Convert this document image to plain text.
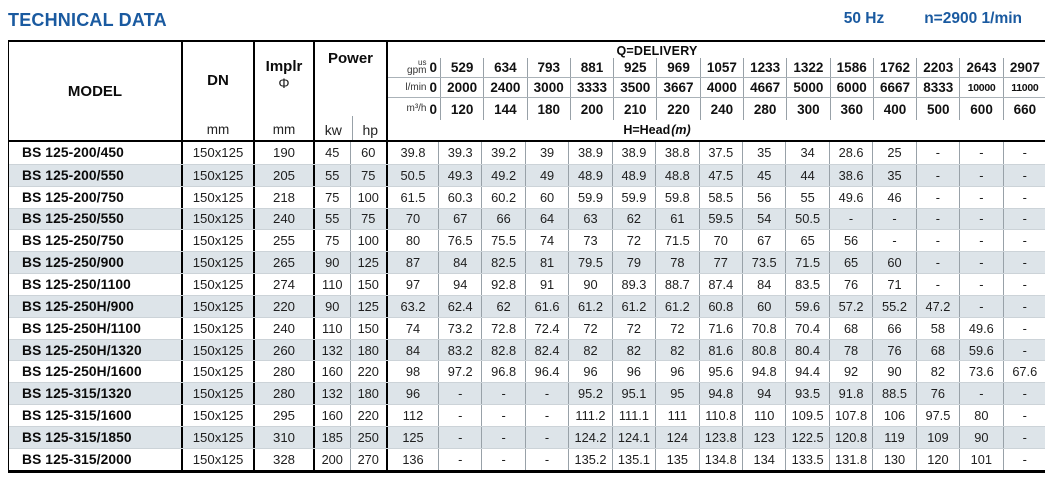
TECHNICAL DATA	50 Hz	n=2900 1/min
MODEL
DN
mm
Implr
Φ
mm
Power
kw	hp
Q=DELIVERY
us
gpm 0	529	634	793	881	925	969	1057 1233 1322 1586 1762 2203 2643 2907
l/min 0 2000 2400 3000 3333 3500 3667 4000 4667 5000 6000 6667 8333	10000	11000
m³/h 0	120	144	180	200	210	220	240	280	300	360	400	500	600	660
H=Head (m)
BS 125-200/450	150x125	190	45	60	39.8	39.3	39.2	39	38.9	38.9	38.8	37.5	35	34	28.6	25	-	-	-
BS 125-200/550	150x125	205	55	75	50.5	49.3	49.2	49	48.9	48.9	48.8	47.5	45	44	38.6	35	-	-	-
BS 125-200/750	150x125	218	75	100	61.5	60.3	60.2	60	59.9	59.9	59.8	58.5	56	55	49.6	46	-	-	-
BS 125-250/550	150x125	240	55	75	70	67	66	64	63	62	61	59.5	54	50.5	-	-	-	-	-
BS 125-250/750	150x125	255	75	100	80	76.5	75.5	74	73	72	71.5	70	67	65	56	-	-	-	-
BS 125-250/900	150x125	265	90	125	87	84	82.5	81	79.5	79	78	77	73.5	71.5	65	60	-	-	-
BS 125-250/1100	150x125	274	110	150	97	94	92.8	91	90	89.3	88.7	87.4	84	83.5	76	71	-	-	-
BS 125-250H/900	150x125	220	90	125	63.2	62.4	62	61.6	61.2	61.2	61.2	60.8	60	59.6	57.2	55.2	47.2	-	-
BS 125-250H/1100	150x125	240	110	150	74	73.2	72.8	72.4	72	72	72	71.6	70.8	70.4	68	66	58	49.6	-
BS 125-250H/1320	150x125	260	132	180	84	83.2	82.8	82.4	82	82	82	81.6	80.8	80.4	78	76	68	59.6	-
BS 125-250H/1600	150x125	280	160	220	98	97.2	96.8	96.4	96	96	96	95.6	94.8	94.4	92	90	82	73.6	67.6
BS 125-315/1320	150x125	280	132	180	96	-	-	-	95.2	95.1	95	94.8	94	93.5	91.8	88.5	76	-	-
BS 125-315/1600	150x125	295	160	220	112	-	-	-	111.2	111.1	111	110.8	110	109.5 107.8	106	97.5	80	-
BS 125-315/1850	150x125	310	185	250	125	-	-	-	124.2 124.1	124	123.8	123	122.5 120.8	119	109	90	-
BS 125-315/2000	150x125	328	200	270	136	-	-	-	135.2 135.1	135	134.8	134	133.5 131.8	130	120	101	-
